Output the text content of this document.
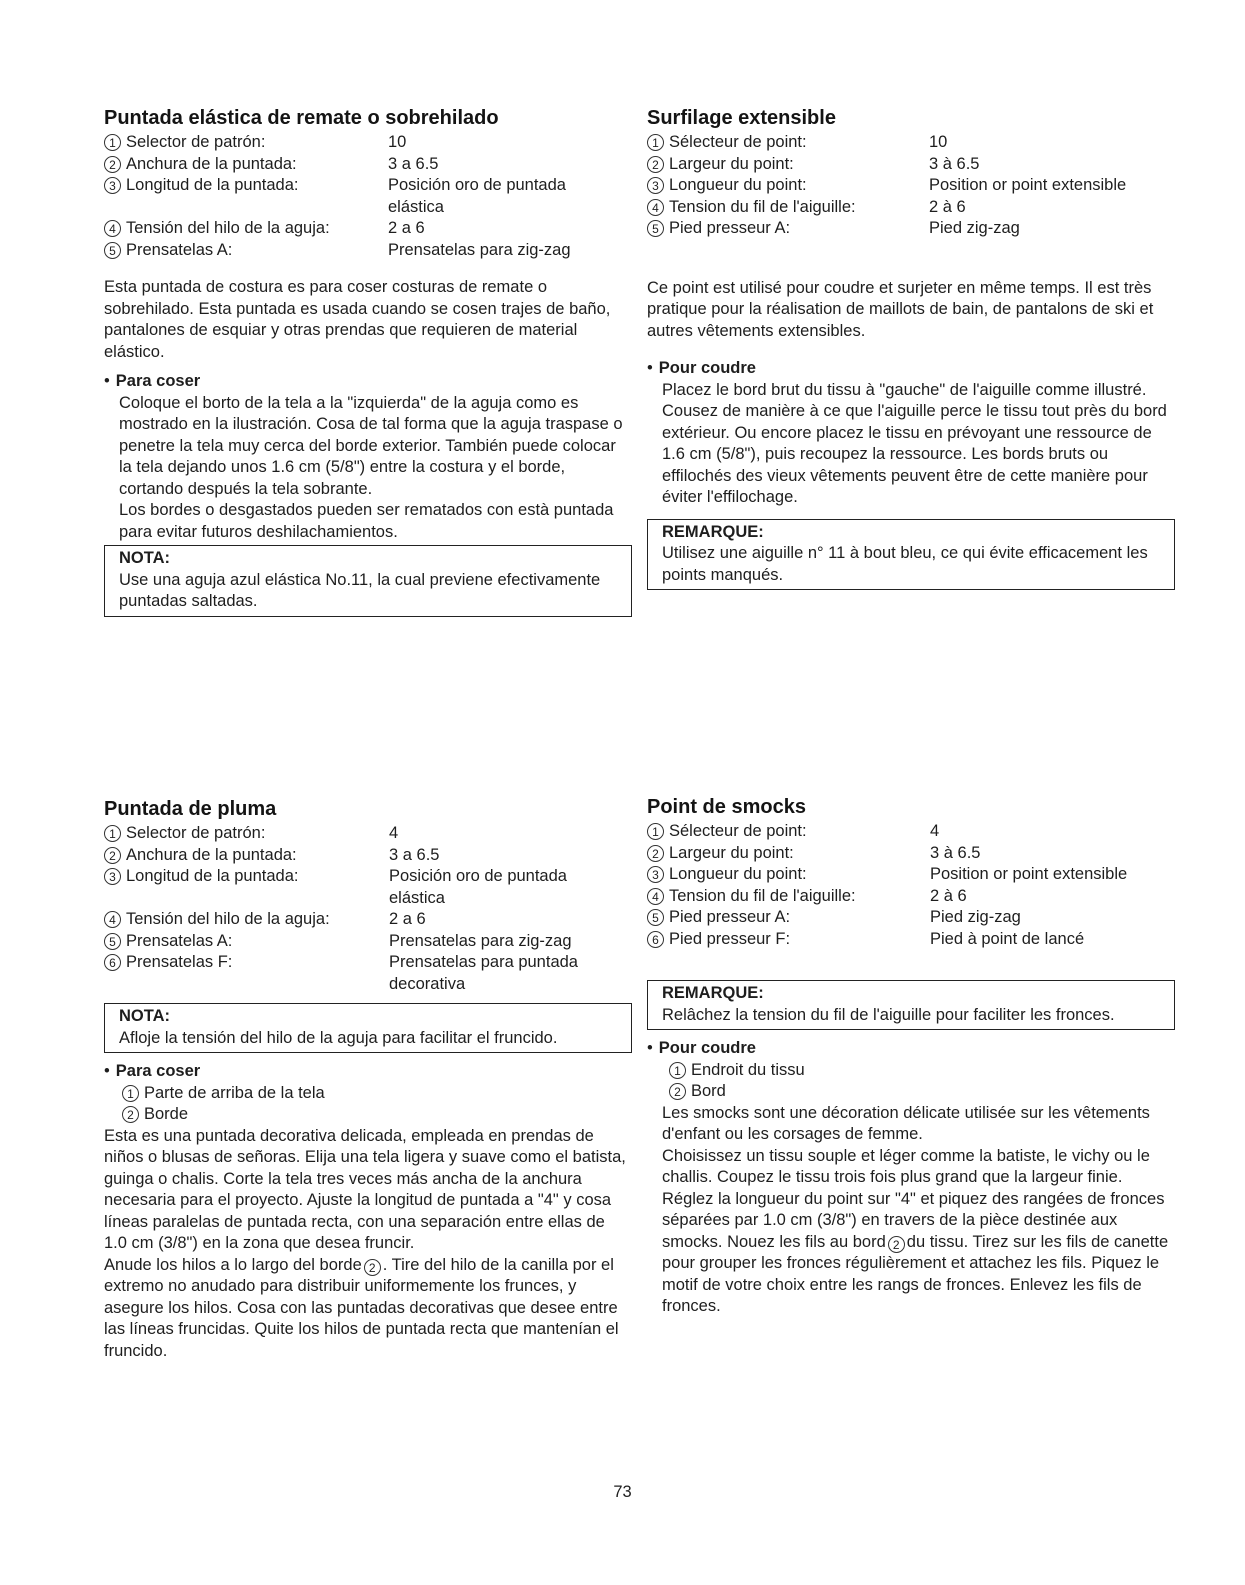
Puntada elástica de remate o sobrehilado
1 Selector de patrón:	10
2 Anchura de la puntada:	3 a 6.5
3 Longitud de la puntada:	Posición oro de puntada
elástica
4 Tensión del hilo de la aguja:	2 a 6
5 Prensatelas A:	Prensatelas para zig-zag

Esta puntada de costura es para coser costuras de remate o sobrehilado. Esta puntada es usada cuando se cosen trajes de baño, pantalones de esquiar y otras prendas que requieren de material elástico.

• Para coser

Coloque el borto de la tela a la "izquierda" de la aguja como es mostrado en la ilustración. Cosa de tal forma que la aguja traspase o penetre la tela muy cerca del borde exterior. También puede colocar la tela dejando unos 1.6 cm (5/8") entre la costura y el borde, cortando después la tela sobrante.

Los bordes o desgastados pueden ser rematados con està puntada para evitar futuros deshilachamientos.

NOTA:
Use una aguja azul elástica No.11, la cual previene efectivamente puntadas saltadas.
Surfilage extensible
1 Sélecteur de point:	10
2 Largeur du point:	3 à 6.5
3 Longueur du point:	Position or point extensible
4 Tension du fil de l'aiguille:	2 à 6
5 Pied presseur A:	Pied zig-zag

Ce point est utilisé pour coudre et surjeter en même temps. Il est très pratique pour la réalisation de maillots de bain, de pantalons de ski et autres vêtements extensibles.

• Pour coudre

Placez le bord brut du tissu à "gauche" de l'aiguille comme illustré. Cousez de manière à ce que l'aiguille perce le tissu tout près du bord extérieur. Ou encore placez le tissu en prévoyant une ressource de 1.6 cm (5/8"), puis recoupez la ressource. Les bords bruts ou effilochés des vieux vêtements peuvent être de cette manière pour éviter l'effilochage.

REMARQUE:
Utilisez une aiguille n° 11 à bout bleu, ce qui évite efficacement les points manqués.
Puntada de pluma
1 Selector de patrón:	4
2 Anchura de la puntada:	3 a 6.5
3 Longitud de la puntada:	Posición oro de puntada
elástica
4 Tensión del hilo de la aguja:	2 a 6
5 Prensatelas A:	Prensatelas para zig-zag
6 Prensatelas F:	Prensatelas para puntada
decorativa
NOTA:
Afloje la tensión del hilo de la aguja para facilitar el fruncido.
• Para coser
1 Parte de arriba de la tela
2 Borde

Esta es una puntada decorativa delicada, empleada en prendas de niños o blusas de señoras. Elija una tela ligera y suave como el batista, guinga o chalis. Corte la tela tres veces más ancha de la anchura necesaria para el proyecto. Ajuste la longitud de puntada a "4" y cosa líneas paralelas de puntada recta, con una separación entre ellas de 1.0 cm (3/8") en la zona que desea fruncir.

Anude los hilos a lo largo del borde 2 . Tire del hilo de la canilla por el extremo no anudado para distribuir uniformemente los frunces, y asegure los hilos. Cosa con las puntadas decorativas que desee entre las líneas fruncidas. Quite los hilos de puntada recta que mantenían el fruncido.

Point de smocks
1 Sélecteur de point:	4
2 Largeur du point:	3 à 6.5
3 Longueur du point:	Position or point extensible
4 Tension du fil de l'aiguille:	2 à 6
5 Pied presseur A:	Pied zig-zag
6 Pied presseur F:	Pied à point de lancé
REMARQUE:
Relâchez la tension du fil de l'aiguille pour faciliter les fronces.
• Pour coudre
1 Endroit du tissu
2 Bord

Les smocks sont une décoration délicate utilisée sur les vêtements d'enfant ou les corsages de femme.

Choisissez un tissu souple et léger comme la batiste, le vichy ou le challis. Coupez le tissu trois fois plus grand que la largeur finie. Réglez la longueur du point sur "4" et piquez des rangées de fronces séparées par 1.0 cm (3/8") en travers de la pièce destinée aux smocks. Nouez les fils au bord 2 du tissu. Tirez sur les fils de canette pour grouper les fronces régulièrement et attachez les fils. Piquez le motif de votre choix entre les rangs de fronces. Enlevez les fils de fronces.

73
